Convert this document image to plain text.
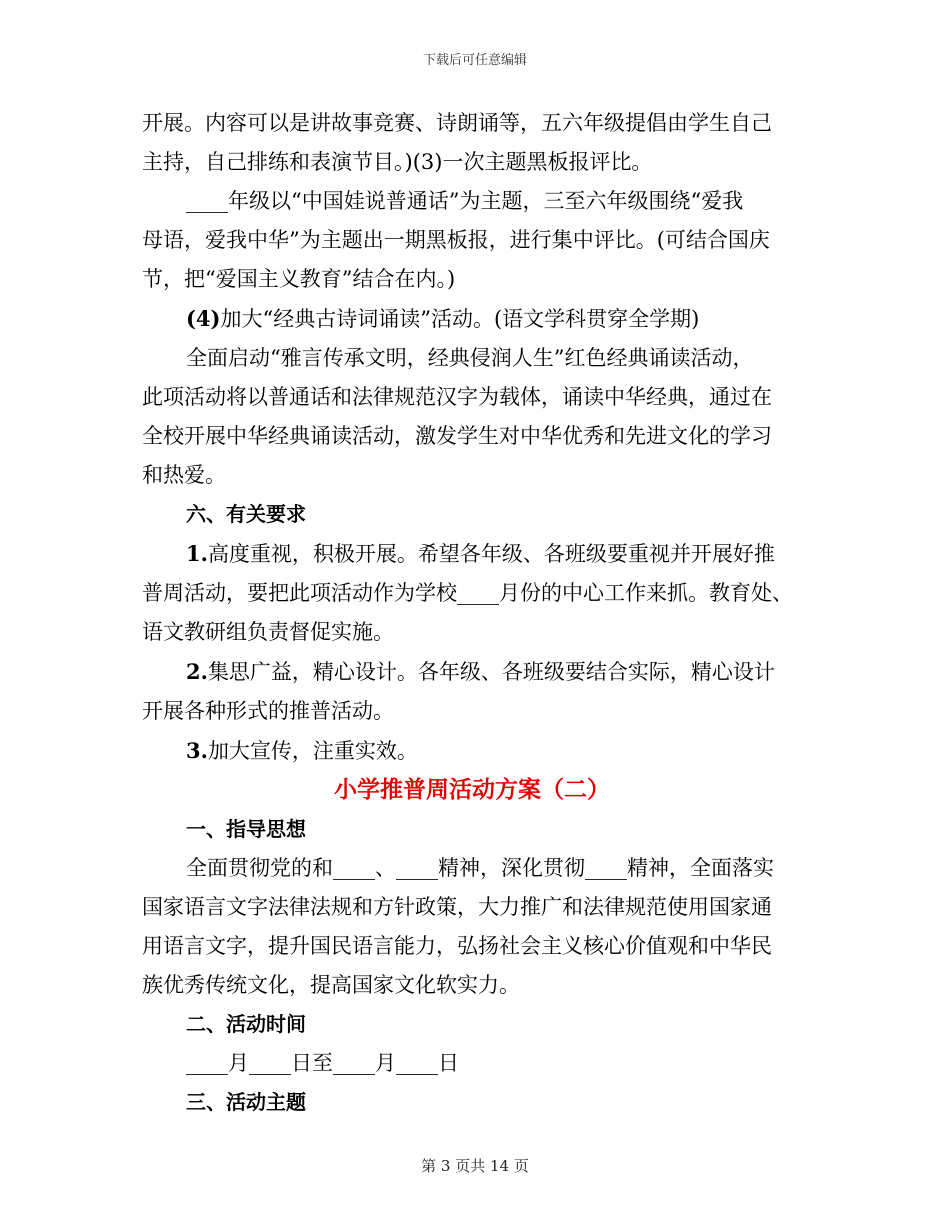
下载后可任意编辑

开展。内容可以是讲故事竞赛、诗朗诵等，五六年级提倡由学生自己

主持，自己排练和表演节目。)(3)一次主题黑板报评比。

____年级以“中国娃说普通话”为主题，三至六年级围绕“爱我

母语，爱我中华”为主题出一期黑板报，进行集中评比。(可结合国庆

节，把“爱国主义教育”结合在内。)

(4)加大“经典古诗词诵读”活动。(语文学科贯穿全学期)

全面启动“雅言传承文明，经典侵润人生”红色经典诵读活动，

此项活动将以普通话和法律规范汉字为载体，诵读中华经典，通过在

全校开展中华经典诵读活动，激发学生对中华优秀和先进文化的学习

和热爱。

六、有关要求

1.高度重视，积极开展。希望各年级、各班级要重视并开展好推

普周活动，要把此项活动作为学校____月份的中心工作来抓。教育处、

语文教研组负责督促实施。

2.集思广益，精心设计。各年级、各班级要结合实际，精心设计

开展各种形式的推普活动。

3.加大宣传，注重实效。

小学推普周活动方案（二）

一、指导思想

全面贯彻党的和____、____精神，深化贯彻____精神，全面落实

国家语言文字法律法规和方针政策，大力推广和法律规范使用国家通

用语言文字，提升国民语言能力，弘扬社会主义核心价值观和中华民

族优秀传统文化，提高国家文化软实力。

二、活动时间

____月____日至____月____日

三、活动主题

第 3 页共 14 页
